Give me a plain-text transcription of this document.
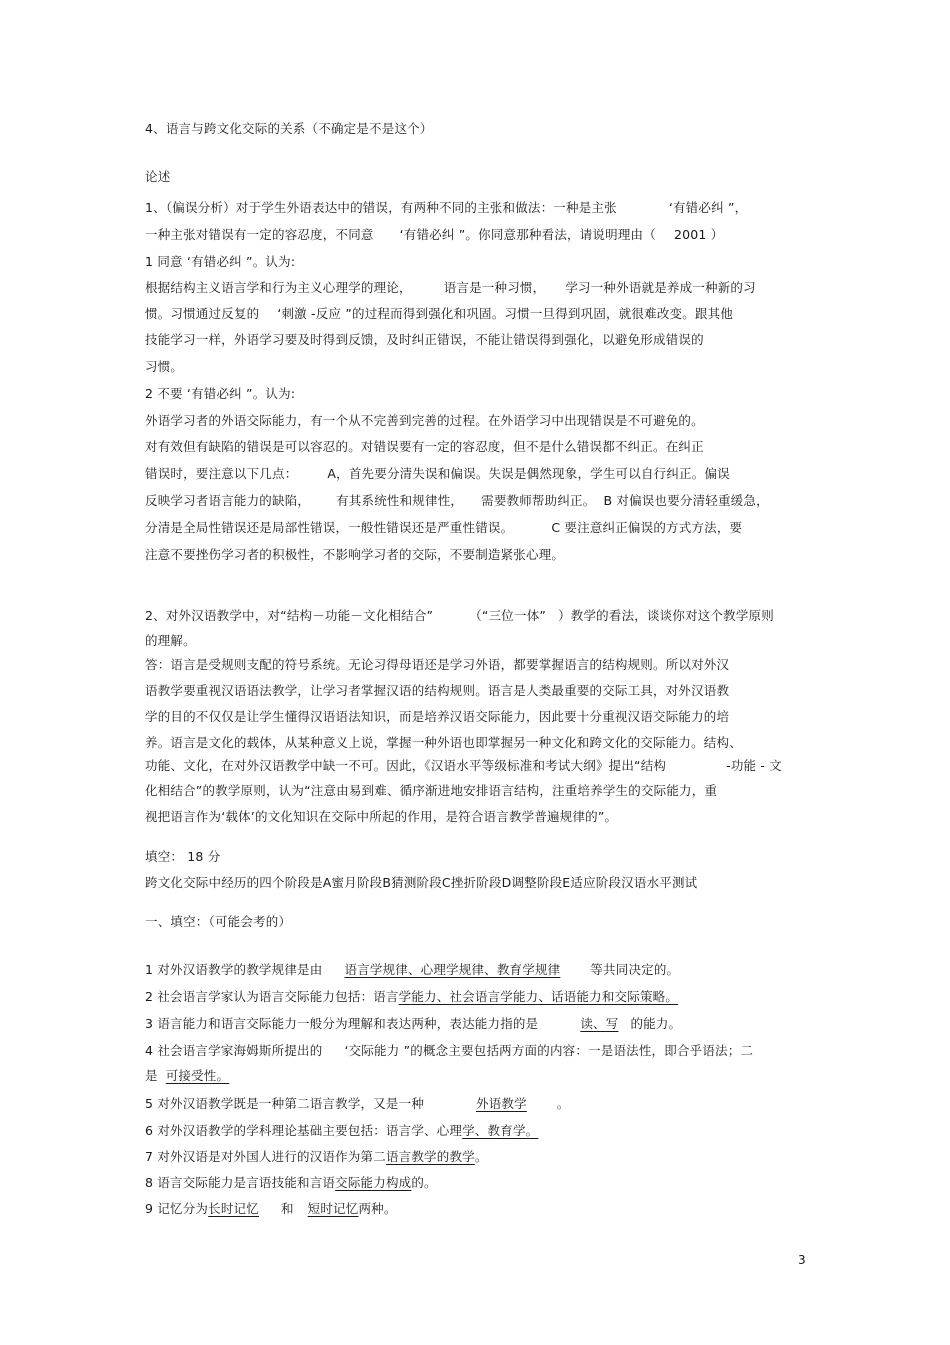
4、语言与跨文化交际的关系（不确定是不是这个）
论述
1、（偏误分析）对于学生外语表达中的错误，有两种不同的主张和做法：一种是主张	‘有错必纠 ”，
一种主张对错误有一定的容忍度，不同意 ‘有错必纠 ”。你同意那种看法，请说明理由（ 2001 ）
1 同意 ‘有错必纠 ”。认为:
根据结构主义语言学和行为主义心理学的理论，	语言是一种习惯， 学习一种外语就是养成一种新的习
惯。习惯通过反复的 ‘刺激 -反应 ”的过程而得到强化和巩固。习惯一旦得到巩固，就很难改变。跟其他
技能学习一样，外语学习要及时得到反馈，及时纠正错误，不能让错误得到强化，以避免形成错误的
习惯。
2 不要 ‘有错必纠 ”。认为:
外语学习者的外语交际能力，有一个从不完善到完善的过程。在外语学习中出现错误是不可避免的。
对有效但有缺陷的错误是可以容忍的。对错误要有一定的容忍度，但不是什么错误都不纠正。在纠正
错误时，要注意以下几点： A，首先要分清失误和偏误。失误是偶然现象，学生可以自行纠正。偏误
反映学习者语言能力的缺陷， 有其系统性和规律性， 需要教师帮助纠正。 B 对偏误也要分清轻重缓急，
分清是全局性错误还是局部性错误，一般性错误还是严重性错误。	C 要注意纠正偏误的方式方法，要
注意不要挫伤学习者的积极性，不影响学习者的交际，不要制造紧张心理。
2、对外汉语教学中，对“结构－功能－文化相结合”	（“三位一体” ）教学的看法，谈谈你对这个教学原则
的理解。
答：语言是受规则支配的符号系统。无论习得母语还是学习外语，都要掌握语言的结构规则。所以对外汉
语教学要重视汉语语法教学，让学习者掌握汉语的结构规则。语言是人类最重要的交际工具，对外汉语教
学的目的不仅仅是让学生懂得汉语语法知识，而是培养汉语交际能力，因此要十分重视汉语交际能力的培
养。语言是文化的载体，从某种意义上说，掌握一种外语也即掌握另一种文化和跨文化的交际能力。结构、
功能、文化，在对外汉语教学中缺一不可。因此，《汉语水平等级标准和考试大纲》提出“结构	-功能 - 文
化相结合”的教学原则，认为“注意由易到难、循序渐进地安排语言结构，注重培养学生的交际能力，重
视把语言作为‘载体’的文化知识在交际中所起的作用，是符合语言教学普遍规律的”。
填空： 18 分
跨文化交际中经历的四个阶段是A蜜月阶段B猜测阶段C挫折阶段D调整阶段E适应阶段汉语水平测试
一、填空：（可能会考的）
1 对外汉语教学的教学规律是由 语言学规律、心理学规律、教育学规律 等共同决定的。
2 社会语言学家认为语言交际能力包括：语言学能力、社会语言学能力、话语能力和交际策略。
3 语言能力和语言交际能力一般分为理解和表达两种，表达能力指的是	读、写 的能力。
4 社会语言学家海姆斯所提出的 ‘交际能力 ”的概念主要包括两方面的内容：一是语法性，即合乎语法；二
是 可接受性。
5 对外汉语教学既是一种第二语言教学，又是一种	外语教学 。
6 对外汉语教学的学科理论基础主要包括：语言学、心理学、教育学。
7 对外汉语是对外国人进行的汉语作为第二语言教学的教学。
8 语言交际能力是言语技能和言语交际能力构成的。
9 记忆分为长时记忆 和 短时记忆两种。
3
